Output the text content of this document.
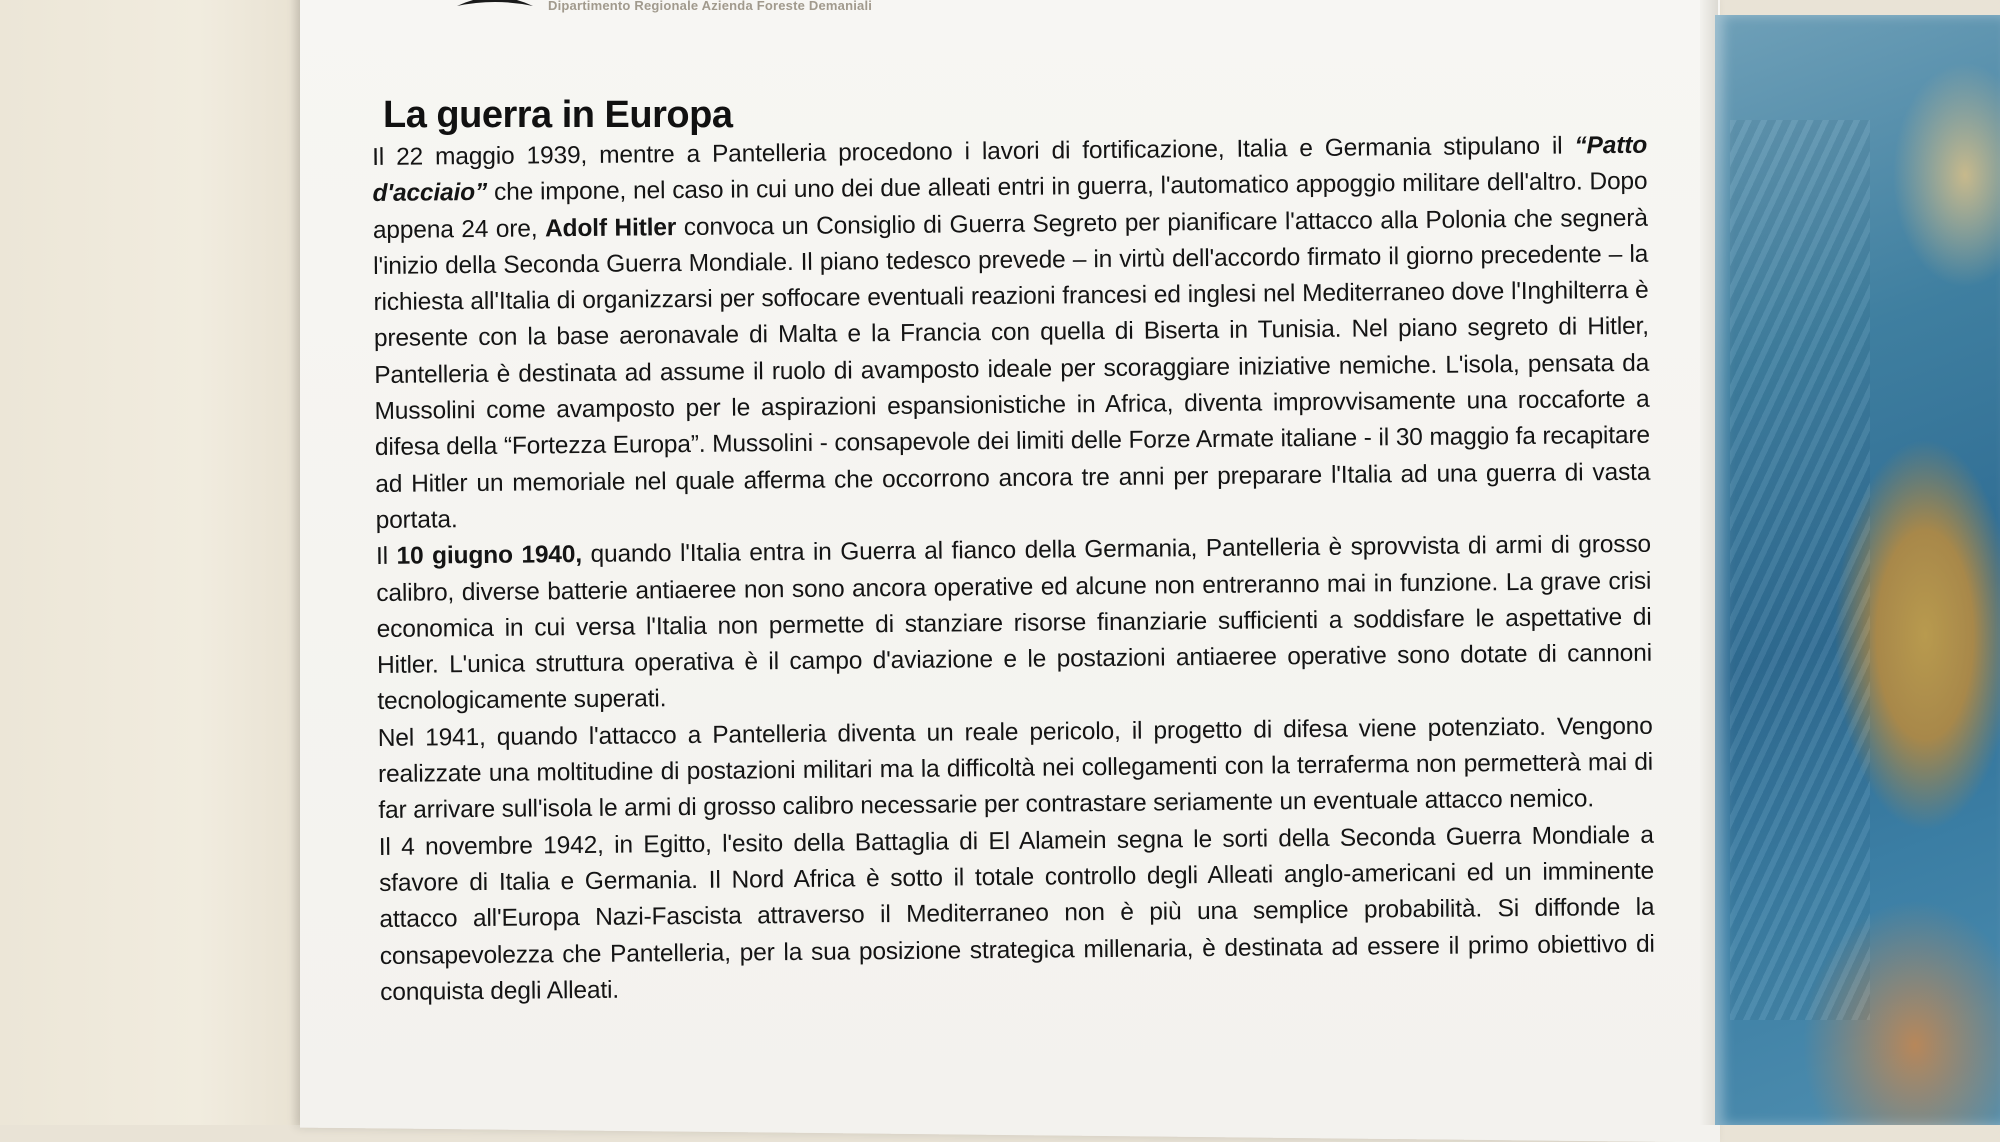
Dipartimento Regionale Azienda Foreste Demaniali
La guerra in Europa

Il 22 maggio 1939, mentre a Pantelleria procedono i lavori di fortificazione, Italia e Germania stipulano il “Patto d'acciaio” che impone, nel caso in cui uno dei due alleati entri in guerra, l'automatico appoggio militare dell'altro. Dopo appena 24 ore, Adolf Hitler convoca un Consiglio di Guerra Segreto per pianificare l'attacco alla Polonia che segnerà l'inizio della Seconda Guerra Mondiale. Il piano tedesco prevede – in virtù dell'accordo firmato il giorno precedente – la richiesta all'Italia di organizzarsi per soffocare eventuali reazioni francesi ed inglesi nel Mediterraneo dove l'Inghilterra è presente con la base aeronavale di Malta e la Francia con quella di Biserta in Tunisia. Nel piano segreto di Hitler, Pantelleria è destinata ad assume il ruolo di avamposto ideale per scoraggiare iniziative nemiche. L'isola, pensata da Mussolini come avamposto per le aspirazioni espansionistiche in Africa, diventa improvvisamente una roccaforte a difesa della “Fortezza Europa”. Mussolini - consapevole dei limiti delle Forze Armate italiane - il 30 maggio fa recapitare ad Hitler un memoriale nel quale afferma che occorrono ancora tre anni per preparare l'Italia ad una guerra di vasta portata.

Il 10 giugno 1940, quando l'Italia entra in Guerra al fianco della Germania, Pantelleria è sprovvista di armi di grosso calibro, diverse batterie antiaeree non sono ancora operative ed alcune non entreranno mai in funzione. La grave crisi economica in cui versa l'Italia non permette di stanziare risorse finanziarie sufficienti a soddisfare le aspettative di Hitler. L'unica struttura operativa è il campo d'aviazione e le postazioni antiaeree operative sono dotate di cannoni tecnologicamente superati.

Nel 1941, quando l'attacco a Pantelleria diventa un reale pericolo, il progetto di difesa viene potenziato. Vengono realizzate una moltitudine di postazioni militari ma la difficoltà nei collegamenti con la terraferma non permetterà mai di far arrivare sull'isola le armi di grosso calibro necessarie per contrastare seriamente un eventuale attacco nemico.

Il 4 novembre 1942, in Egitto, l'esito della Battaglia di El Alamein segna le sorti della Seconda Guerra Mondiale a sfavore di Italia e Germania. Il Nord Africa è sotto il totale controllo degli Alleati anglo-americani ed un imminente attacco all'Europa Nazi-Fascista attraverso il Mediterraneo non è più una semplice probabilità. Si diffonde la consapevolezza che Pantelleria, per la sua posizione strategica millenaria, è destinata ad essere il primo obiettivo di conquista degli Alleati.
